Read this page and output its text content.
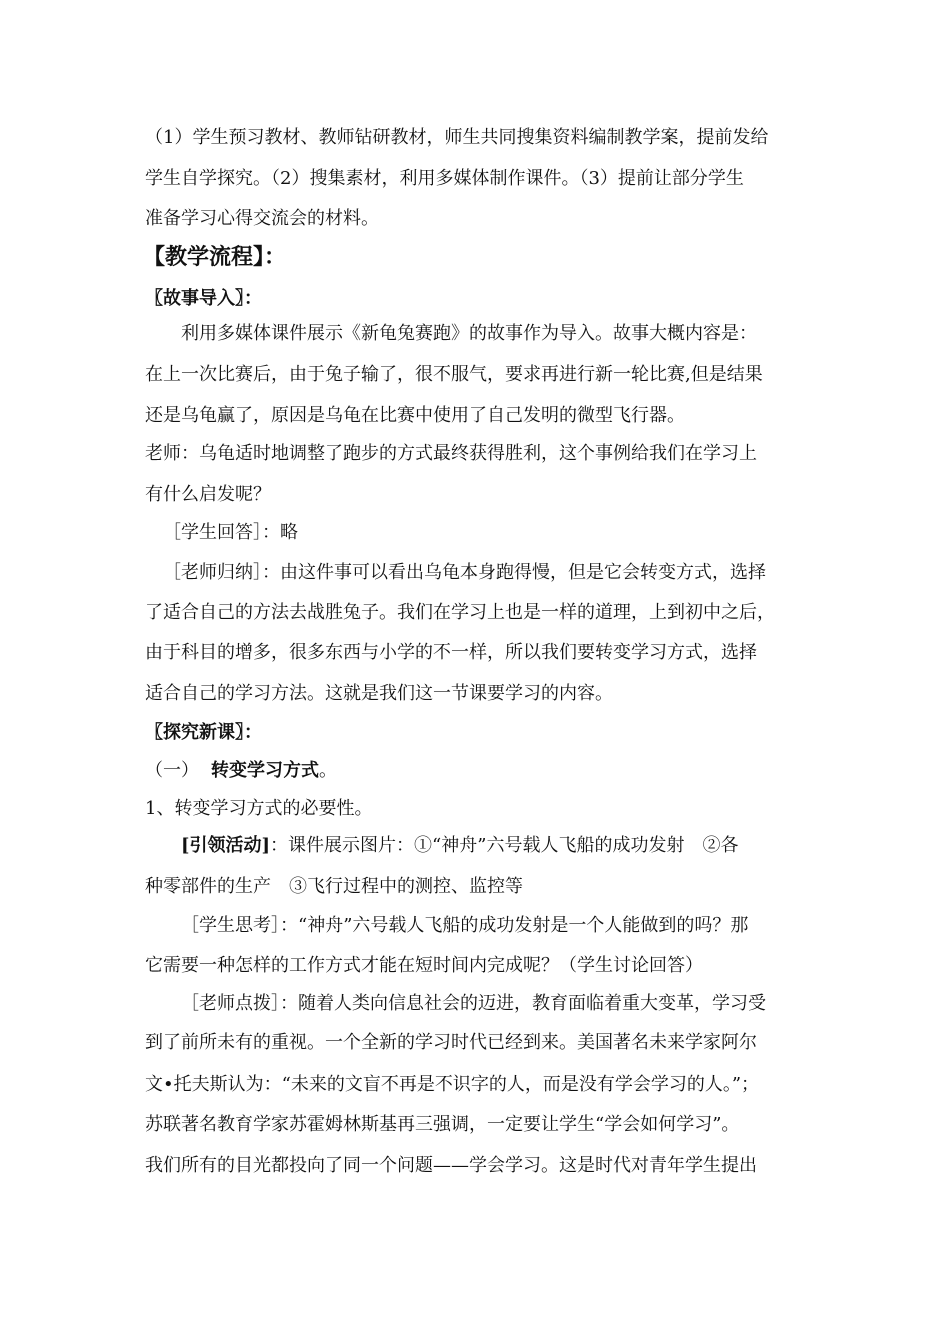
（1）学生预习教材、教师钻研教材，师生共同搜集资料编制教学案，提前发给
学生自学探究。（2）搜集素材，利用多媒体制作课件。（3）提前让部分学生
准备学习心得交流会的材料。
【教学流程】：
〖故事导入〗：
利用多媒体课件展示《新龟兔赛跑》的故事作为导入。故事大概内容是：
在上一次比赛后，由于兔子输了，很不服气，要求再进行新一轮比赛,但是结果
还是乌龟赢了，原因是乌龟在比赛中使用了自己发明的微型飞行器。
老师：乌龟适时地调整了跑步的方式最终获得胜利，这个事例给我们在学习上
有什么启发呢？
［学生回答］：略
［老师归纳］：由这件事可以看出乌龟本身跑得慢，但是它会转变方式，选择
了适合自己的方法去战胜兔子。我们在学习上也是一样的道理，上到初中之后，
由于科目的增多，很多东西与小学的不一样，所以我们要转变学习方式，选择
适合自己的学习方法。这就是我们这一节课要学习的内容。
〖探究新课〗：
（一） 转变学习方式。
1、转变学习方式的必要性。
[引领活动]：课件展示图片：①“神舟”六号载人飞船的成功发射　②各
种零部件的生产　③飞行过程中的测控、监控等
［学生思考］：“神舟”六号载人飞船的成功发射是一个人能做到的吗？那
它需要一种怎样的工作方式才能在短时间内完成呢？（学生讨论回答）
［老师点拨］：随着人类向信息社会的迈进，教育面临着重大变革，学习受
到了前所未有的重视。一个全新的学习时代已经到来。美国著名未来学家阿尔
文•托夫斯认为：“未来的文盲不再是不识字的人，而是没有学会学习的人。”；
苏联著名教育学家苏霍姆林斯基再三强调，一定要让学生“学会如何学习”。
我们所有的目光都投向了同一个问题——学会学习。这是时代对青年学生提出
